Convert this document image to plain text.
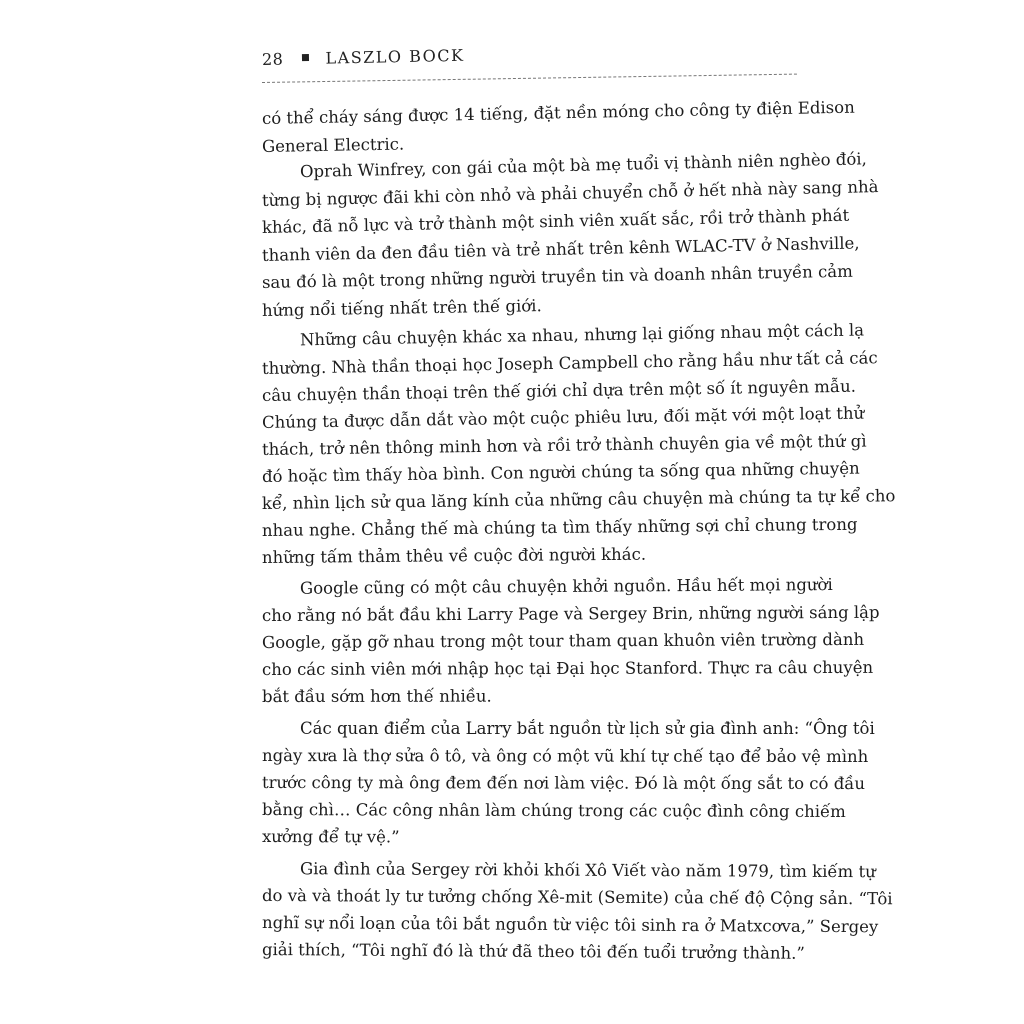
28	LASZLO BOCK
có thể cháy sáng được 14 tiếng, đặt nền móng cho công ty điện Edison
General Electric.
Oprah Winfrey, con gái của một bà mẹ tuổi vị thành niên nghèo đói,
từng bị ngược đãi khi còn nhỏ và phải chuyển chỗ ở hết nhà này sang nhà
khác, đã nỗ lực và trở thành một sinh viên xuất sắc, rồi trở thành phát
thanh viên da đen đầu tiên và trẻ nhất trên kênh WLAC-TV ở Nashville,
sau đó là một trong những người truyền tin và doanh nhân truyền cảm
hứng nổi tiếng nhất trên thế giới.
Những câu chuyện khác xa nhau, nhưng lại giống nhau một cách lạ
thường. Nhà thần thoại học Joseph Campbell cho rằng hầu như tất cả các
câu chuyện thần thoại trên thế giới chỉ dựa trên một số ít nguyên mẫu.
Chúng ta được dẫn dắt vào một cuộc phiêu lưu, đối mặt với một loạt thử
thách, trở nên thông minh hơn và rồi trở thành chuyên gia về một thứ gì
đó hoặc tìm thấy hòa bình. Con người chúng ta sống qua những chuyện
kể, nhìn lịch sử qua lăng kính của những câu chuyện mà chúng ta tự kể cho
nhau nghe. Chẳng thế mà chúng ta tìm thấy những sợi chỉ chung trong
những tấm thảm thêu về cuộc đời người khác.
Google cũng có một câu chuyện khởi nguồn. Hầu hết mọi người
cho rằng nó bắt đầu khi Larry Page và Sergey Brin, những người sáng lập
Google, gặp gỡ nhau trong một tour tham quan khuôn viên trường dành
cho các sinh viên mới nhập học tại Đại học Stanford. Thực ra câu chuyện
bắt đầu sớm hơn thế nhiều.
Các quan điểm của Larry bắt nguồn từ lịch sử gia đình anh: “Ông tôi
ngày xưa là thợ sửa ô tô, và ông có một vũ khí tự chế tạo để bảo vệ mình
trước công ty mà ông đem đến nơi làm việc. Đó là một ống sắt to có đầu
bằng chì… Các công nhân làm chúng trong các cuộc đình công chiếm
xưởng để tự vệ.”
Gia đình của Sergey rời khỏi khối Xô Viết vào năm 1979, tìm kiếm tự
do và và thoát ly tư tưởng chống Xê-mit (Semite) của chế độ Cộng sản. “Tôi
nghĩ sự nổi loạn của tôi bắt nguồn từ việc tôi sinh ra ở Matxcơva,” Sergey
giải thích, “Tôi nghĩ đó là thứ đã theo tôi đến tuổi trưởng thành.”
